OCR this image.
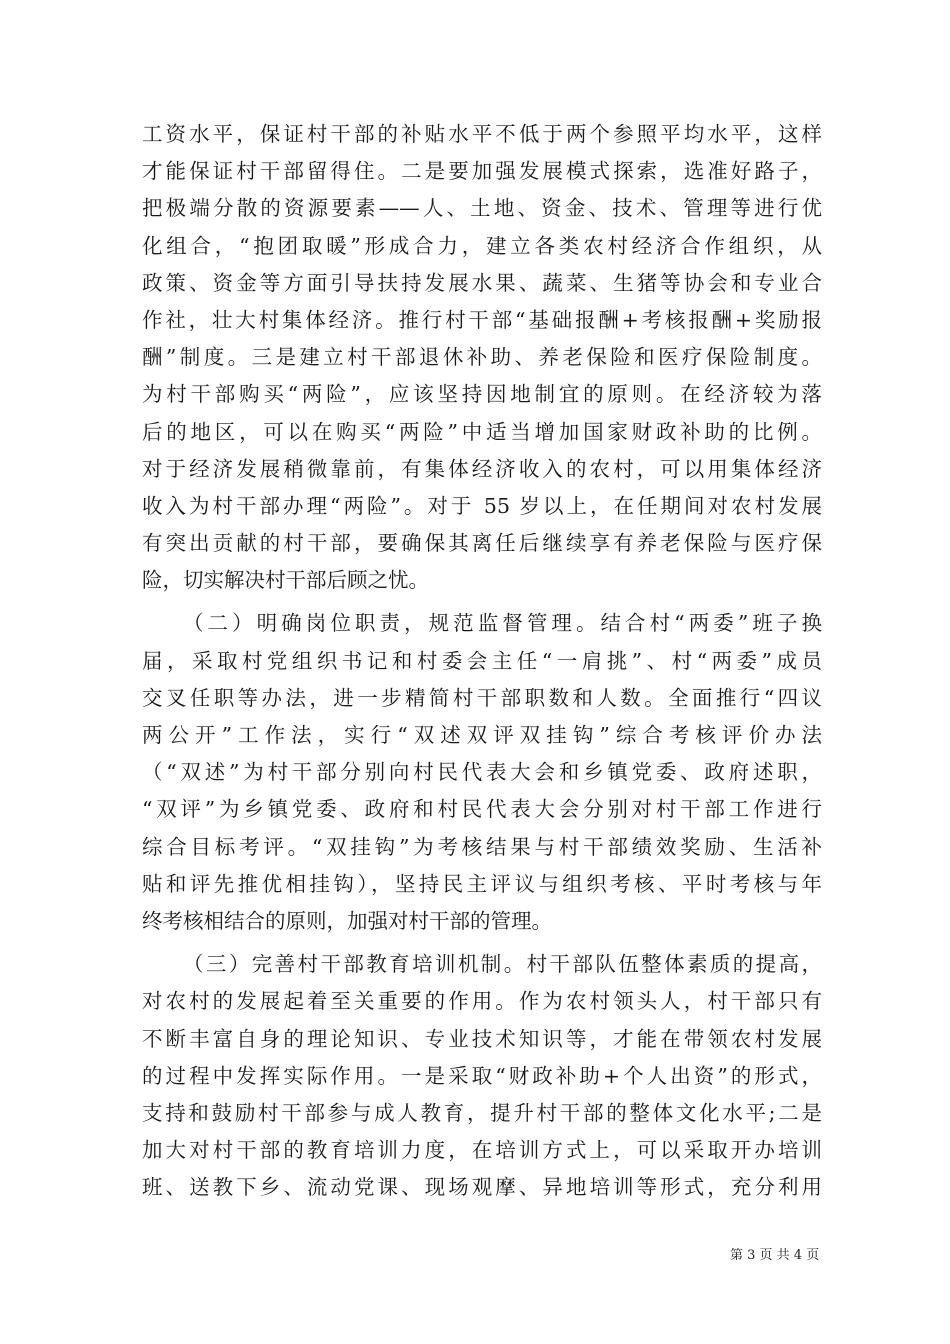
工资水平，保证村干部的补贴水平不低于两个参照平均水平，这样
才能保证村干部留得住。二是要加强发展模式探索，选准好路子，
把极端分散的资源要素——人、土地、资金、技术、管理等进行优
化组合，“抱团取暖”形成合力，建立各类农村经济合作组织，从
政策、资金等方面引导扶持发展水果、蔬菜、生猪等协会和专业合
作社，壮大村集体经济。推行村干部“基础报酬+考核报酬+奖励报
酬”制度。三是建立村干部退休补助、养老保险和医疗保险制度。
为村干部购买“两险”，应该坚持因地制宜的原则。在经济较为落
后的地区，可以在购买“两险”中适当增加国家财政补助的比例。
对于经济发展稍微靠前，有集体经济收入的农村，可以用集体经济
收入为村干部办理“两险”。对于 55 岁以上，在任期间对农村发展
有突出贡献的村干部，要确保其离任后继续享有养老保险与医疗保
险，切实解决村干部后顾之忧。
（二）明确岗位职责，规范监督管理。结合村“两委”班子换
届，采取村党组织书记和村委会主任“一肩挑”、村“两委”成员
交叉任职等办法，进一步精简村干部职数和人数。全面推行“四议
两公开”工作法，实行“双述双评双挂钩”综合考核评价办法
（“双述”为村干部分别向村民代表大会和乡镇党委、政府述职，
“双评”为乡镇党委、政府和村民代表大会分别对村干部工作进行
综合目标考评。“双挂钩”为考核结果与村干部绩效奖励、生活补
贴和评先推优相挂钩），坚持民主评议与组织考核、平时考核与年
终考核相结合的原则，加强对村干部的管理。
（三）完善村干部教育培训机制。村干部队伍整体素质的提高，
对农村的发展起着至关重要的作用。作为农村领头人，村干部只有
不断丰富自身的理论知识、专业技术知识等，才能在带领农村发展
的过程中发挥实际作用。一是采取“财政补助+个人出资”的形式，
支持和鼓励村干部参与成人教育，提升村干部的整体文化水平;二是
加大对村干部的教育培训力度，在培训方式上，可以采取开办培训
班、送教下乡、流动党课、现场观摩、异地培训等形式，充分利用
第 3 页 共 4 页
